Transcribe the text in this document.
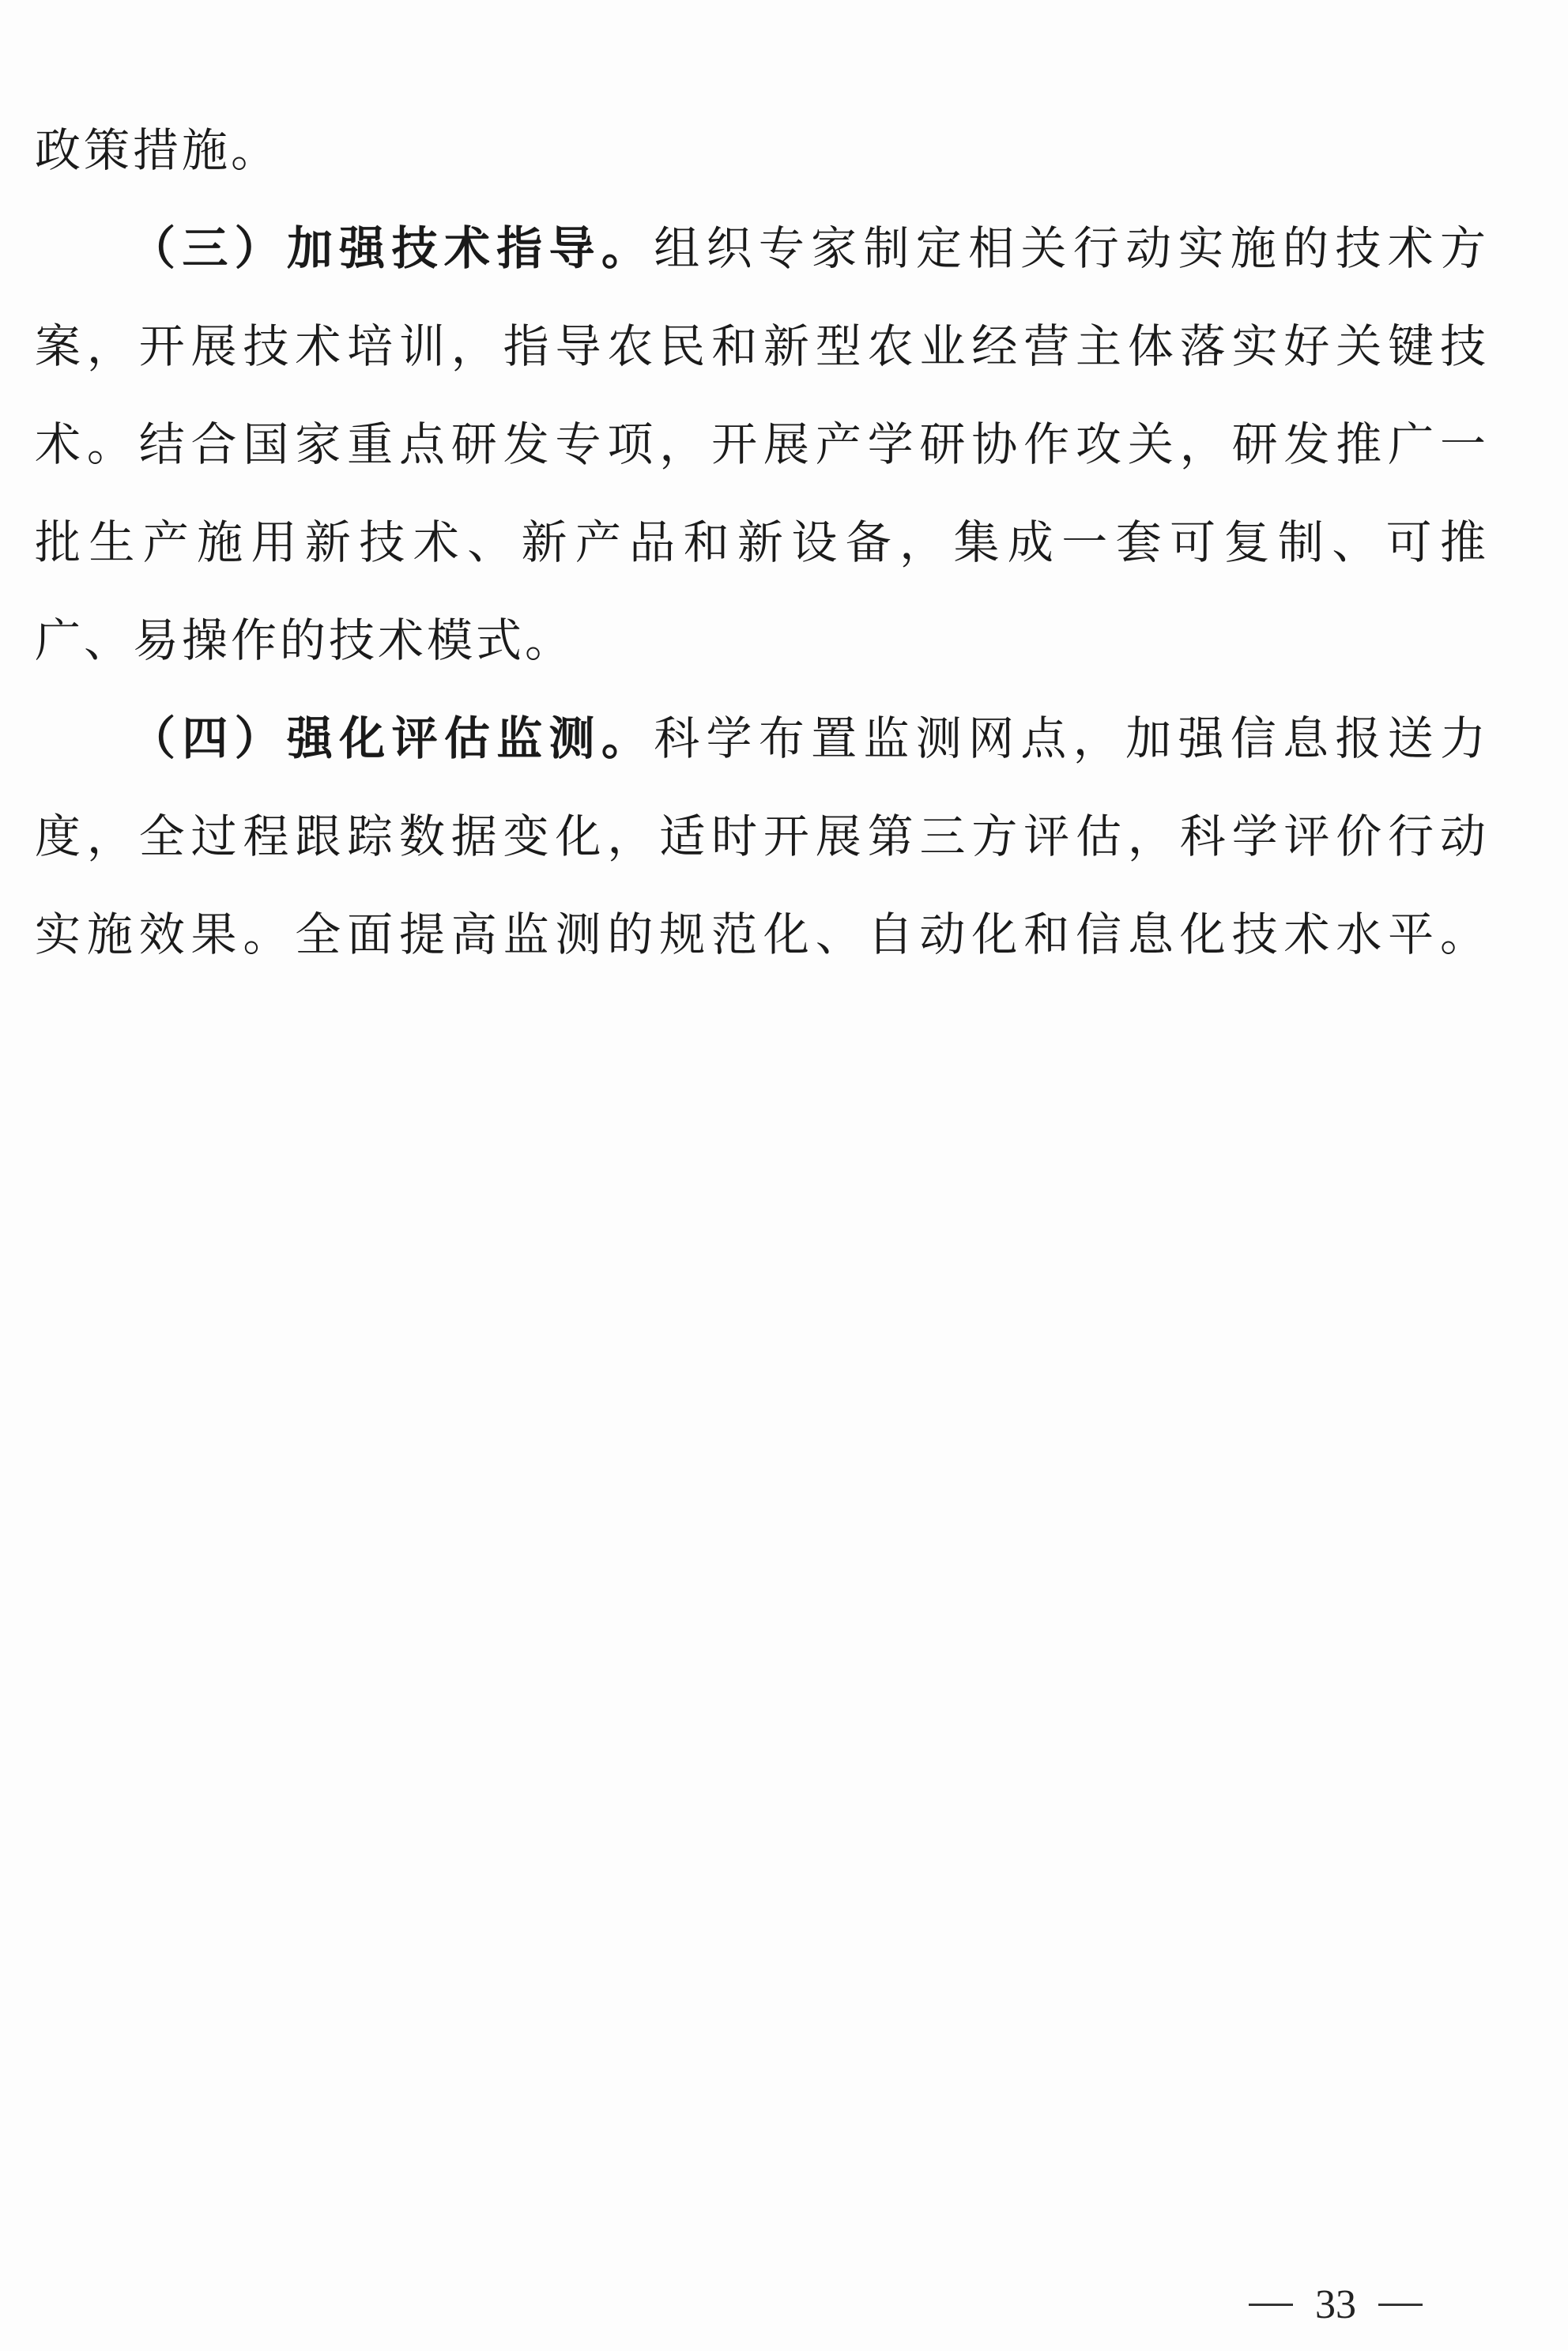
政策措施。
（三）加强技术指导。组织专家制定相关行动实施的技术方
案，开展技术培训，指导农民和新型农业经营主体落实好关键技
术。结合国家重点研发专项，开展产学研协作攻关，研发推广一
批生产施用新技术、新产品和新设备，集成一套可复制、可推
广、易操作的技术模式。
（四）强化评估监测。科学布置监测网点，加强信息报送力
度，全过程跟踪数据变化，适时开展第三方评估，科学评价行动
实施效果。全面提高监测的规范化、自动化和信息化技术水平。
33
